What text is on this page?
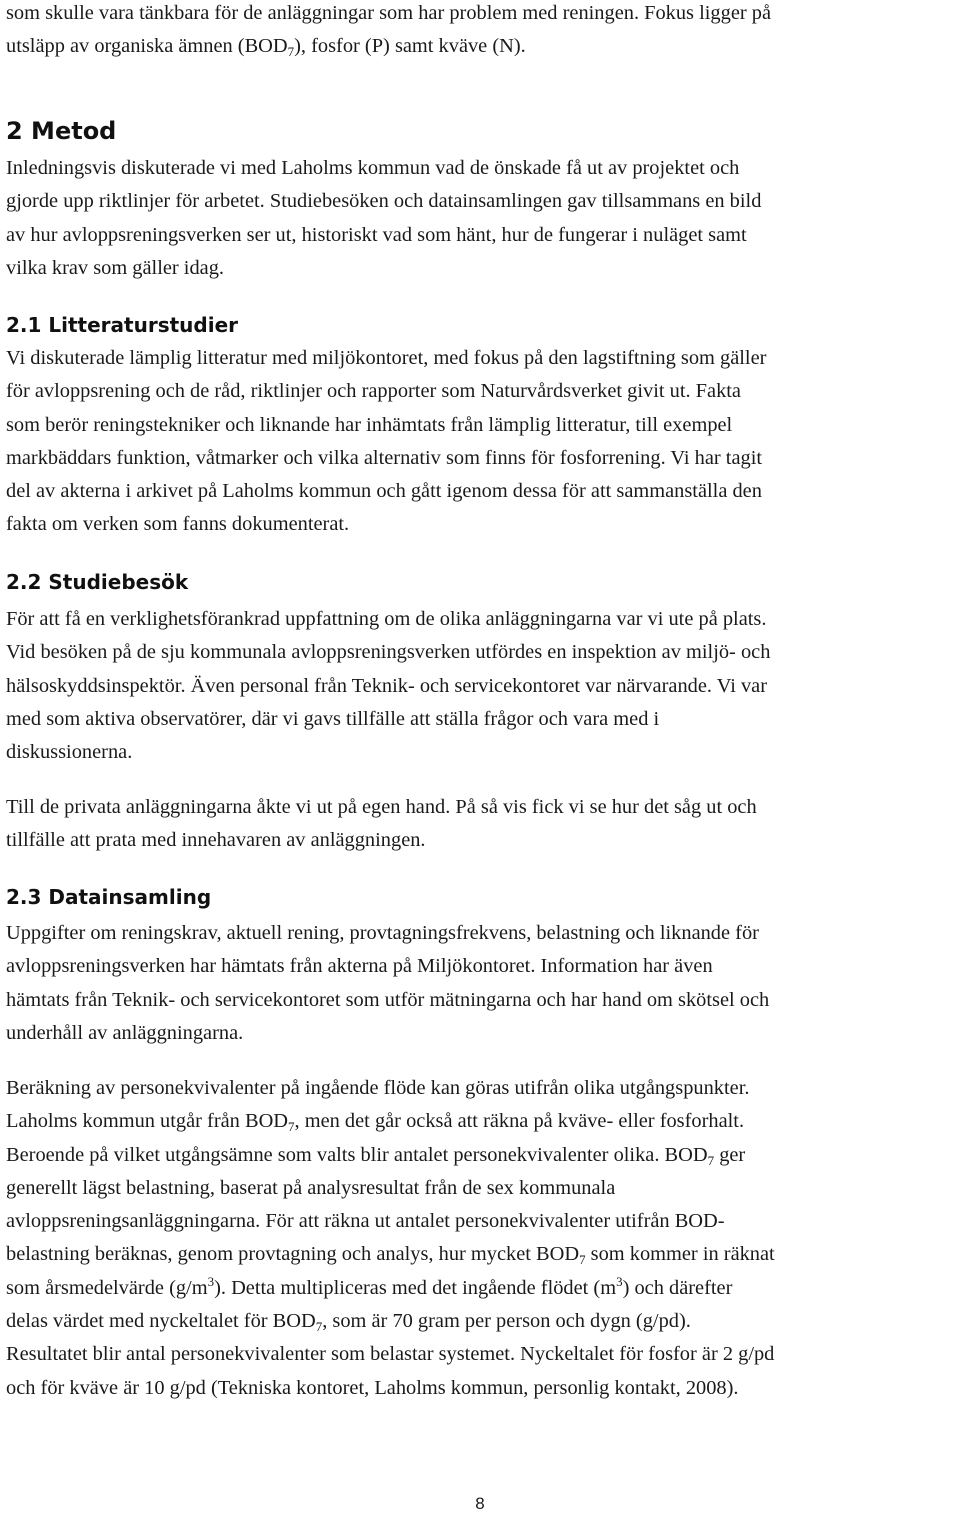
som skulle vara tänkbara för de anläggningar som har problem med reningen. Fokus ligger på
utsläpp av organiska ämnen $(BOD_7)$, fosfor (P) samt kväve (N).

2 Metod

Inledningsvis diskuterade vi med Laholms kommun vad de önskade få ut av projektet och
gjorde upp riktlinjer för arbetet. Studiebesöken och datainsamlingen gav tillsammans en bild
av hur avloppsreningsverken ser ut, historiskt vad som hänt, hur de fungerar i nuläget samt
vilka krav som gäller idag.

2.1 Litteraturstudier

Vi diskuterade lämplig litteratur med miljökontoret, med fokus på den lagstiftning som gäller
för avloppsrening och de råd, riktlinjer och rapporter som Naturvårdsverket givit ut. Fakta
som berör reningstekniker och liknande har inhämtats från lämplig litteratur, till exempel
markbäddars funktion, våtmarker och vilka alternativ som finns för fosforrening. Vi har tagit
del av akterna i arkivet på Laholms kommun och gått igenom dessa för att sammanställa den
fakta om verken som fanns dokumenterat.

2.2 Studiebesök

För att få en verklighetsförankrad uppfattning om de olika anläggningarna var vi ute på plats.
Vid besöken på de sju kommunala avloppsreningsverken utfördes en inspektion av miljö- och
hälsoskyddsinspektör. Även personal från Teknik- och servicekontoret var närvarande. Vi var
med som aktiva observatörer, där vi gavs tillfälle att ställa frågor och vara med i
diskussionerna.

Till de privata anläggningarna åkte vi ut på egen hand. På så vis fick vi se hur det såg ut och
tillfälle att prata med innehavaren av anläggningen.

2.3 Datainsamling

Uppgifter om reningskrav, aktuell rening, provtagningsfrekvens, belastning och liknande för
avloppsreningsverken har hämtats från akterna på Miljökontoret. Information har även
hämtats från Teknik- och servicekontoret som utför mätningarna och har hand om skötsel och
underhåll av anläggningarna.

Beräkning av personekvivalenter på ingående flöde kan göras utifrån olika utgångspunkter.
Laholms kommun utgår från $BOD_7$, men det går också att räkna på kväve- eller fosforhalt.
Beroende på vilket utgångsämne som valts blir antalet personekvivalenter olika. $BOD_7$ ger
generellt lägst belastning, baserat på analysresultat från de sex kommunala
avloppsreningsanläggningarna. För att räkna ut antalet personekvivalenter utifrån BOD-
belastning beräknas, genom provtagning och analys, hur mycket $BOD_7$ som kommer in räknat
som årsmedelvärde $(g/m^3)$. Detta multipliceras med det ingående flödet $(m^3)$ och därefter
delas värdet med nyckeltalet för $BOD_7$, som är 70 gram per person och dygn (g/pd).
Resultatet blir antal personekvivalenter som belastar systemet. Nyckeltalet för fosfor är 2 g/pd
och för kväve är 10 g/pd (Tekniska kontoret, Laholms kommun, personlig kontakt, 2008).

8
